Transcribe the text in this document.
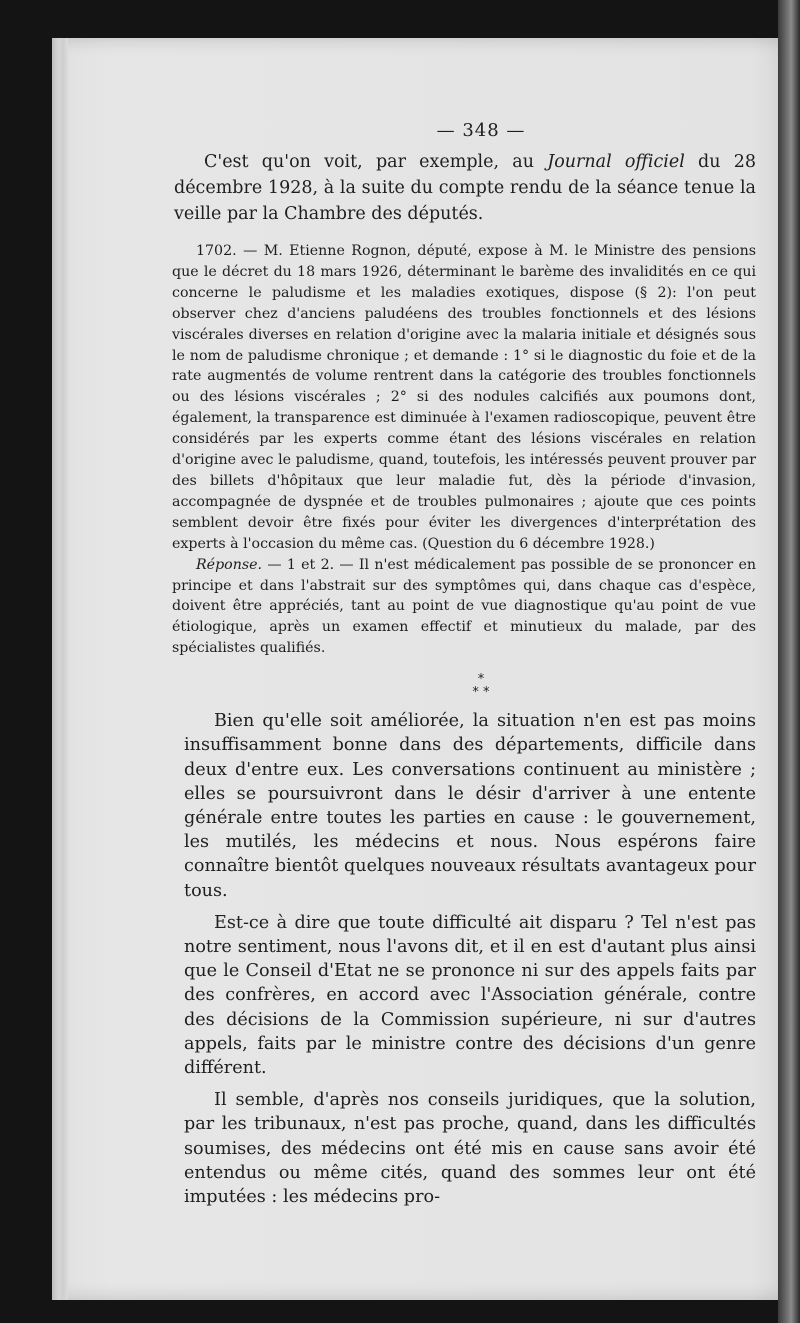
— 348 —

C'est qu'on voit, par exemple, au Journal officiel du 28 décembre 1928, à la suite du compte rendu de la séance tenue la veille par la Chambre des députés.

1702. — M. Etienne Rognon, député, expose à M. le Ministre des pensions que le décret du 18 mars 1926, déterminant le barème des invalidités en ce qui concerne le paludisme et les maladies exotiques, dispose (§ 2): l'on peut observer chez d'anciens paludéens des troubles fonctionnels et des lésions viscérales diverses en relation d'origine avec la malaria initiale et désignés sous le nom de paludisme chronique ; et demande : 1° si le diagnostic du foie et de la rate augmentés de volume rentrent dans la catégorie des troubles fonctionnels ou des lésions viscérales ; 2° si des nodules calcifiés aux poumons dont, également, la transparence est diminuée à l'examen radioscopique, peuvent être considérés par les experts comme étant des lésions viscérales en relation d'origine avec le paludisme, quand, toutefois, les intéressés peuvent prouver par des billets d'hôpitaux que leur maladie fut, dès la période d'invasion, accompagnée de dyspnée et de troubles pulmonaires ; ajoute que ces points semblent devoir être fixés pour éviter les divergences d'interprétation des experts à l'occasion du même cas. (Question du 6 décembre 1928.)

Réponse. — 1 et 2. — Il n'est médicalement pas possible de se prononcer en principe et dans l'abstrait sur des symptômes qui, dans chaque cas d'espèce, doivent être appréciés, tant au point de vue diagnostique qu'au point de vue étiologique, après un examen effectif et minutieux du malade, par des spécialistes qualifiés.

*
* *

Bien qu'elle soit améliorée, la situation n'en est pas moins insuffisamment bonne dans des départements, difficile dans deux d'entre eux. Les conversations continuent au ministère ; elles se poursuivront dans le désir d'arriver à une entente générale entre toutes les parties en cause : le gouvernement, les mutilés, les médecins et nous. Nous espérons faire connaître bientôt quelques nouveaux résultats avantageux pour tous.

Est-ce à dire que toute difficulté ait disparu ? Tel n'est pas notre sentiment, nous l'avons dit, et il en est d'autant plus ainsi que le Conseil d'Etat ne se prononce ni sur des appels faits par des confrères, en accord avec l'Association générale, contre des décisions de la Commission supérieure, ni sur d'autres appels, faits par le ministre contre des décisions d'un genre différent.

Il semble, d'après nos conseils juridiques, que la solution, par les tribunaux, n'est pas proche, quand, dans les difficultés soumises, des médecins ont été mis en cause sans avoir été entendus ou même cités, quand des sommes leur ont été imputées : les médecins pro-
